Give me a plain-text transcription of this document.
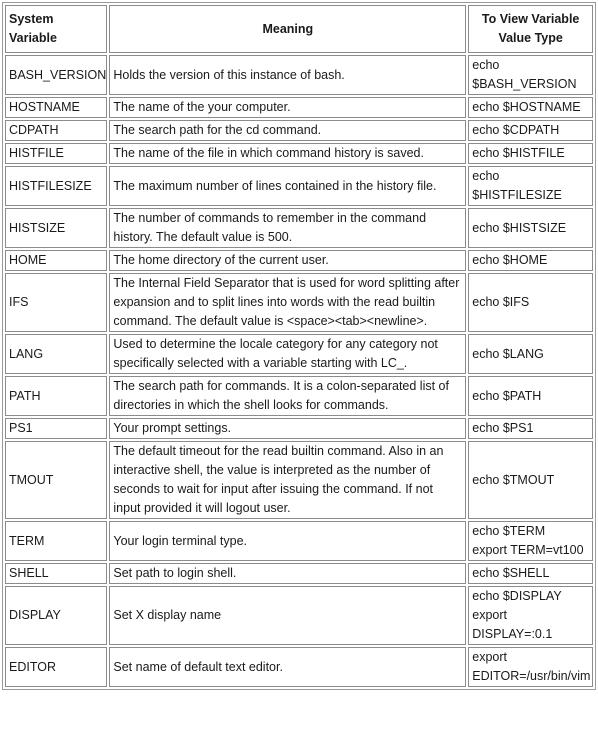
System Variable	Meaning	To View Variable Value Type
BASH_VERSION	Holds the version of this instance of bash.	echo
$BASH_VERSION
HOSTNAME	The name of the your computer.	echo $HOSTNAME
CDPATH	The search path for the cd command.	echo $CDPATH
HISTFILE	The name of the file in which command history is saved.	echo $HISTFILE
HISTFILESIZE	The maximum number of lines contained in the history file.	echo
$HISTFILESIZE
HISTSIZE	The number of commands to remember in the command history. The default value is 500.	echo $HISTSIZE
HOME	The home directory of the current user.	echo $HOME
IFS	The Internal Field Separator that is used for word splitting after expansion and to split lines into words with the read builtin command. The default value is <space><tab><newline>.	echo $IFS
LANG	Used to determine the locale category for any category not specifically selected with a variable starting with LC_.	echo $LANG
PATH	The search path for commands. It is a colon-separated list of directories in which the shell looks for commands.	echo $PATH
PS1	Your prompt settings.	echo $PS1
TMOUT	The default timeout for the read builtin command. Also in an interactive shell, the value is interpreted as the number of seconds to wait for input after issuing the command. If not input provided it will logout user.	echo $TMOUT
TERM	Your login terminal type.	echo $TERM
export TERM=vt100
SHELL	Set path to login shell.	echo $SHELL
DISPLAY	Set X display name	echo $DISPLAY
export
DISPLAY=:0.1
EDITOR	Set name of default text editor.	export
EDITOR=/usr/bin/vim
